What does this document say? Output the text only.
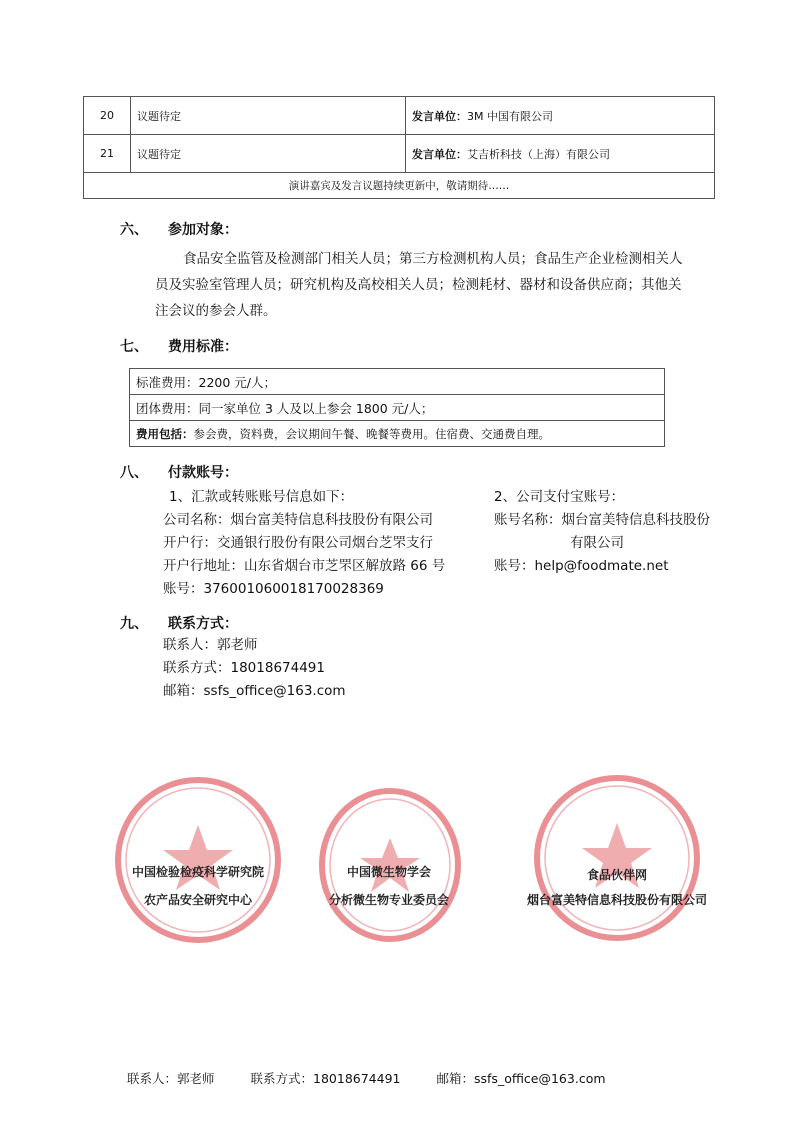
20	议题待定	发言单位：3M 中国有限公司
21	议题待定	发言单位：艾吉析科技（上海）有限公司
演讲嘉宾及发言议题持续更新中，敬请期待……		
六、 参加对象：
食品安全监管及检测部门相关人员；第三方检测机构人员；食品生产企业检测相关人员及实验室管理人员；研究机构及高校相关人员；检测耗材、器材和设备供应商；其他关注会议的参会人群。
七、 费用标准：
标准费用：2200 元/人；
团体费用：同一家单位 3 人及以上参会 1800 元/人；
费用包括：参会费，资料费，会议期间午餐、晚餐等费用。住宿费、交通费自理。
八、 付款账号：
1、汇款或转账账号信息如下：
公司名称：烟台富美特信息科技股份有限公司
开户行：交通银行股份有限公司烟台芝罘支行
开户行地址：山东省烟台市芝罘区解放路 66 号
账号：376001060018170028369
2、公司支付宝账号：
账号名称：烟台富美特信息科技股份
有限公司
账号：help@foodmate.net
九、 联系方式：
联系人：郭老师
联系方式：18018674491
邮箱：ssfs_office@163.com
中国检验检疫科学研究院
农产品安全研究中心
中国微生物学会
分析微生物专业委员会
食品伙伴网
烟台富美特信息科技股份有限公司
联系人：郭老师	联系方式：18018674491	邮箱：ssfs_office@163.com
